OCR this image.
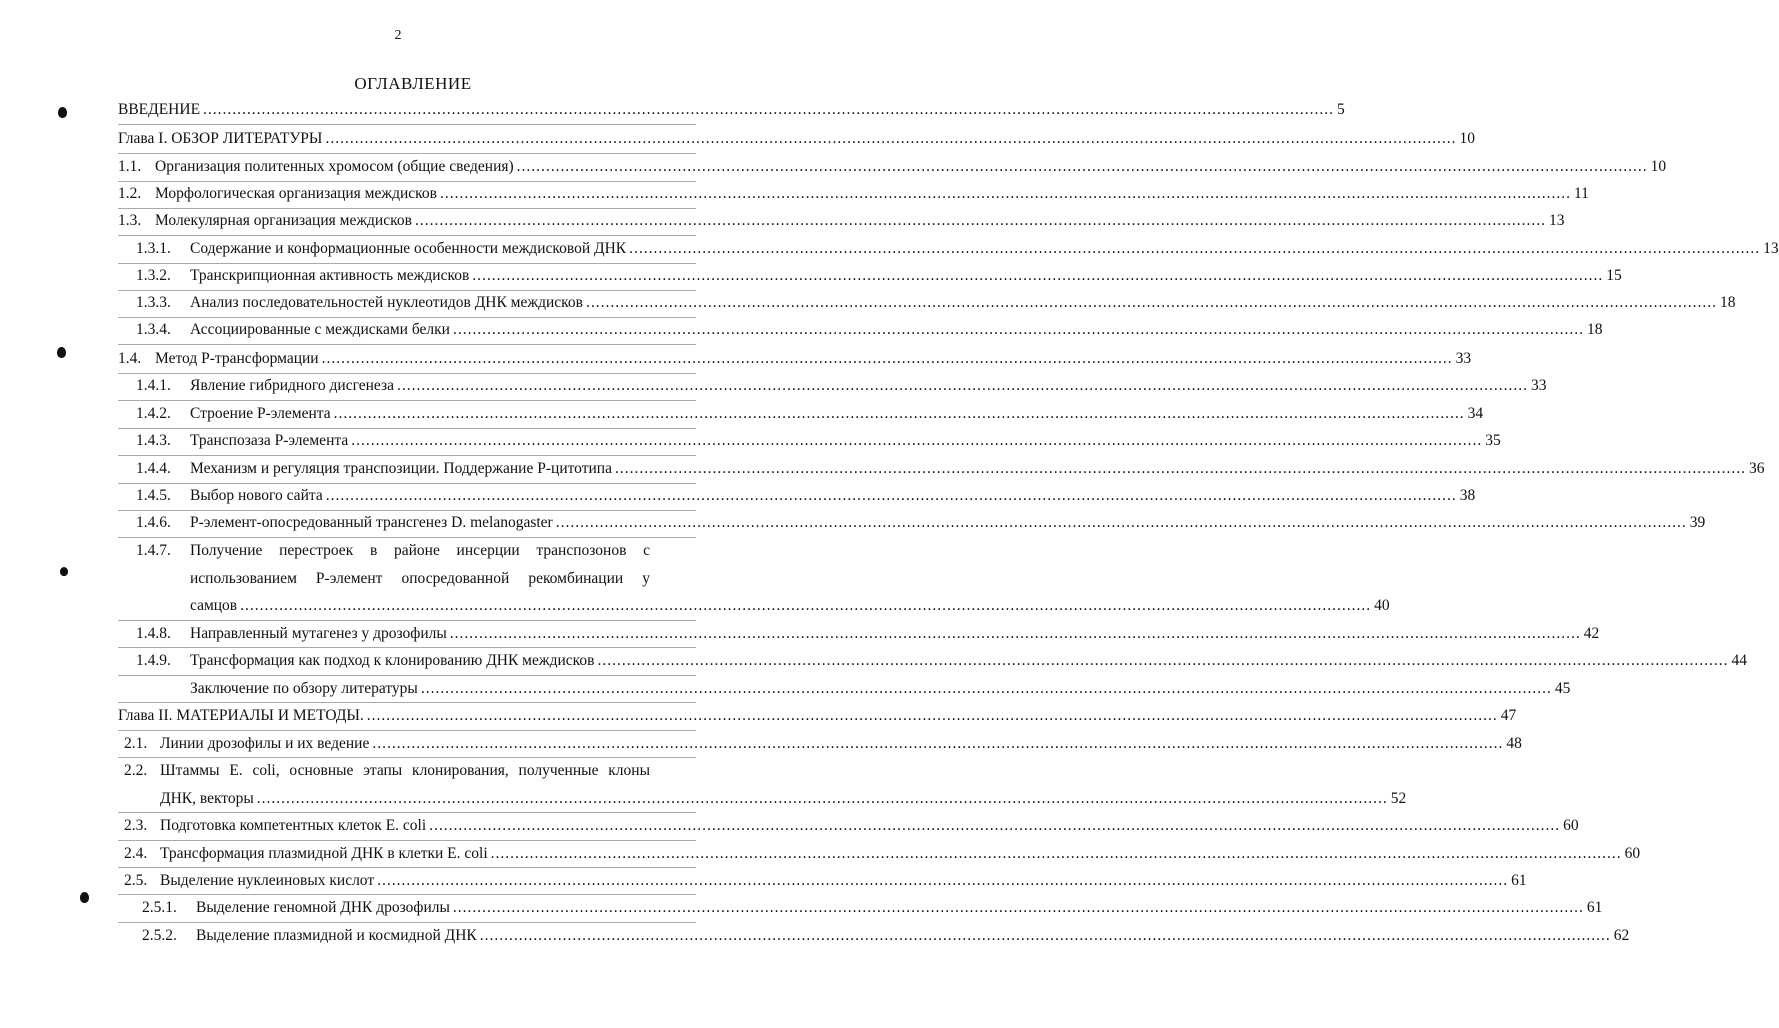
2
ОГЛАВЛЕНИЕ
ВВЕДЕНИЕ .....	5
Глава I. ОБЗОР ЛИТЕРАТУРЫ .....	10
1.1. Организация политенных хромосом (общие сведения) .....	10
1.2. Морфологическая организация междисков .....	11
1.3. Молекулярная организация междисков .....	13
1.3.1.	Содержание и конформационные особенности междисковой ДНК .....	13
1.3.2.	Транскрипционная активность междисков .....	15
1.3.3.	Анализ последовательностей нуклеотидов ДНК междисков .....	18
1.3.4.	Ассоциированные с междисками белки .....	18
1.4. Метод P-трансформации .....	33
1.4.1.	Явление гибридного дисгенеза .....	33
1.4.2.	Строение P-элемента .....	34
1.4.3.	Транспозаза P-элемента .....	35
1.4.4.	Механизм и регуляция транспозиции. Поддержание P-цитотипа .....	36
1.4.5.	Выбор нового сайта .....	38
1.4.6.	P-элемент-опосредованный трансгенез D. melanogaster .....	39
1.4.7.	Получение перестроек в районе инсерции транспозонов с
использованием P-элемент опосредованной рекомбинации у
самцов .....	40
1.4.8.	Направленный мутагенез у дрозофилы .....	42
1.4.9.	Трансформация как подход к клонированию ДНК междисков .....	44
Заключение по обзору литературы .....	45
Глава II. МАТЕРИАЛЫ И МЕТОДЫ. .....	47
2.1. Линии дрозофилы и их ведение .....	48
2.2. Штаммы E. coli, основные этапы клонирования, полученные клоны
ДНК, векторы .....	52
2.3. Подготовка компетентных клеток E. coli .....	60
2.4. Трансформация плазмидной ДНК в клетки E. coli .....	60
2.5. Выделение нуклеиновых кислот .....	61
2.5.1.	Выделение геномной ДНК дрозофилы .....	61
2.5.2.	Выделение плазмидной и космидной ДНК .....	62
